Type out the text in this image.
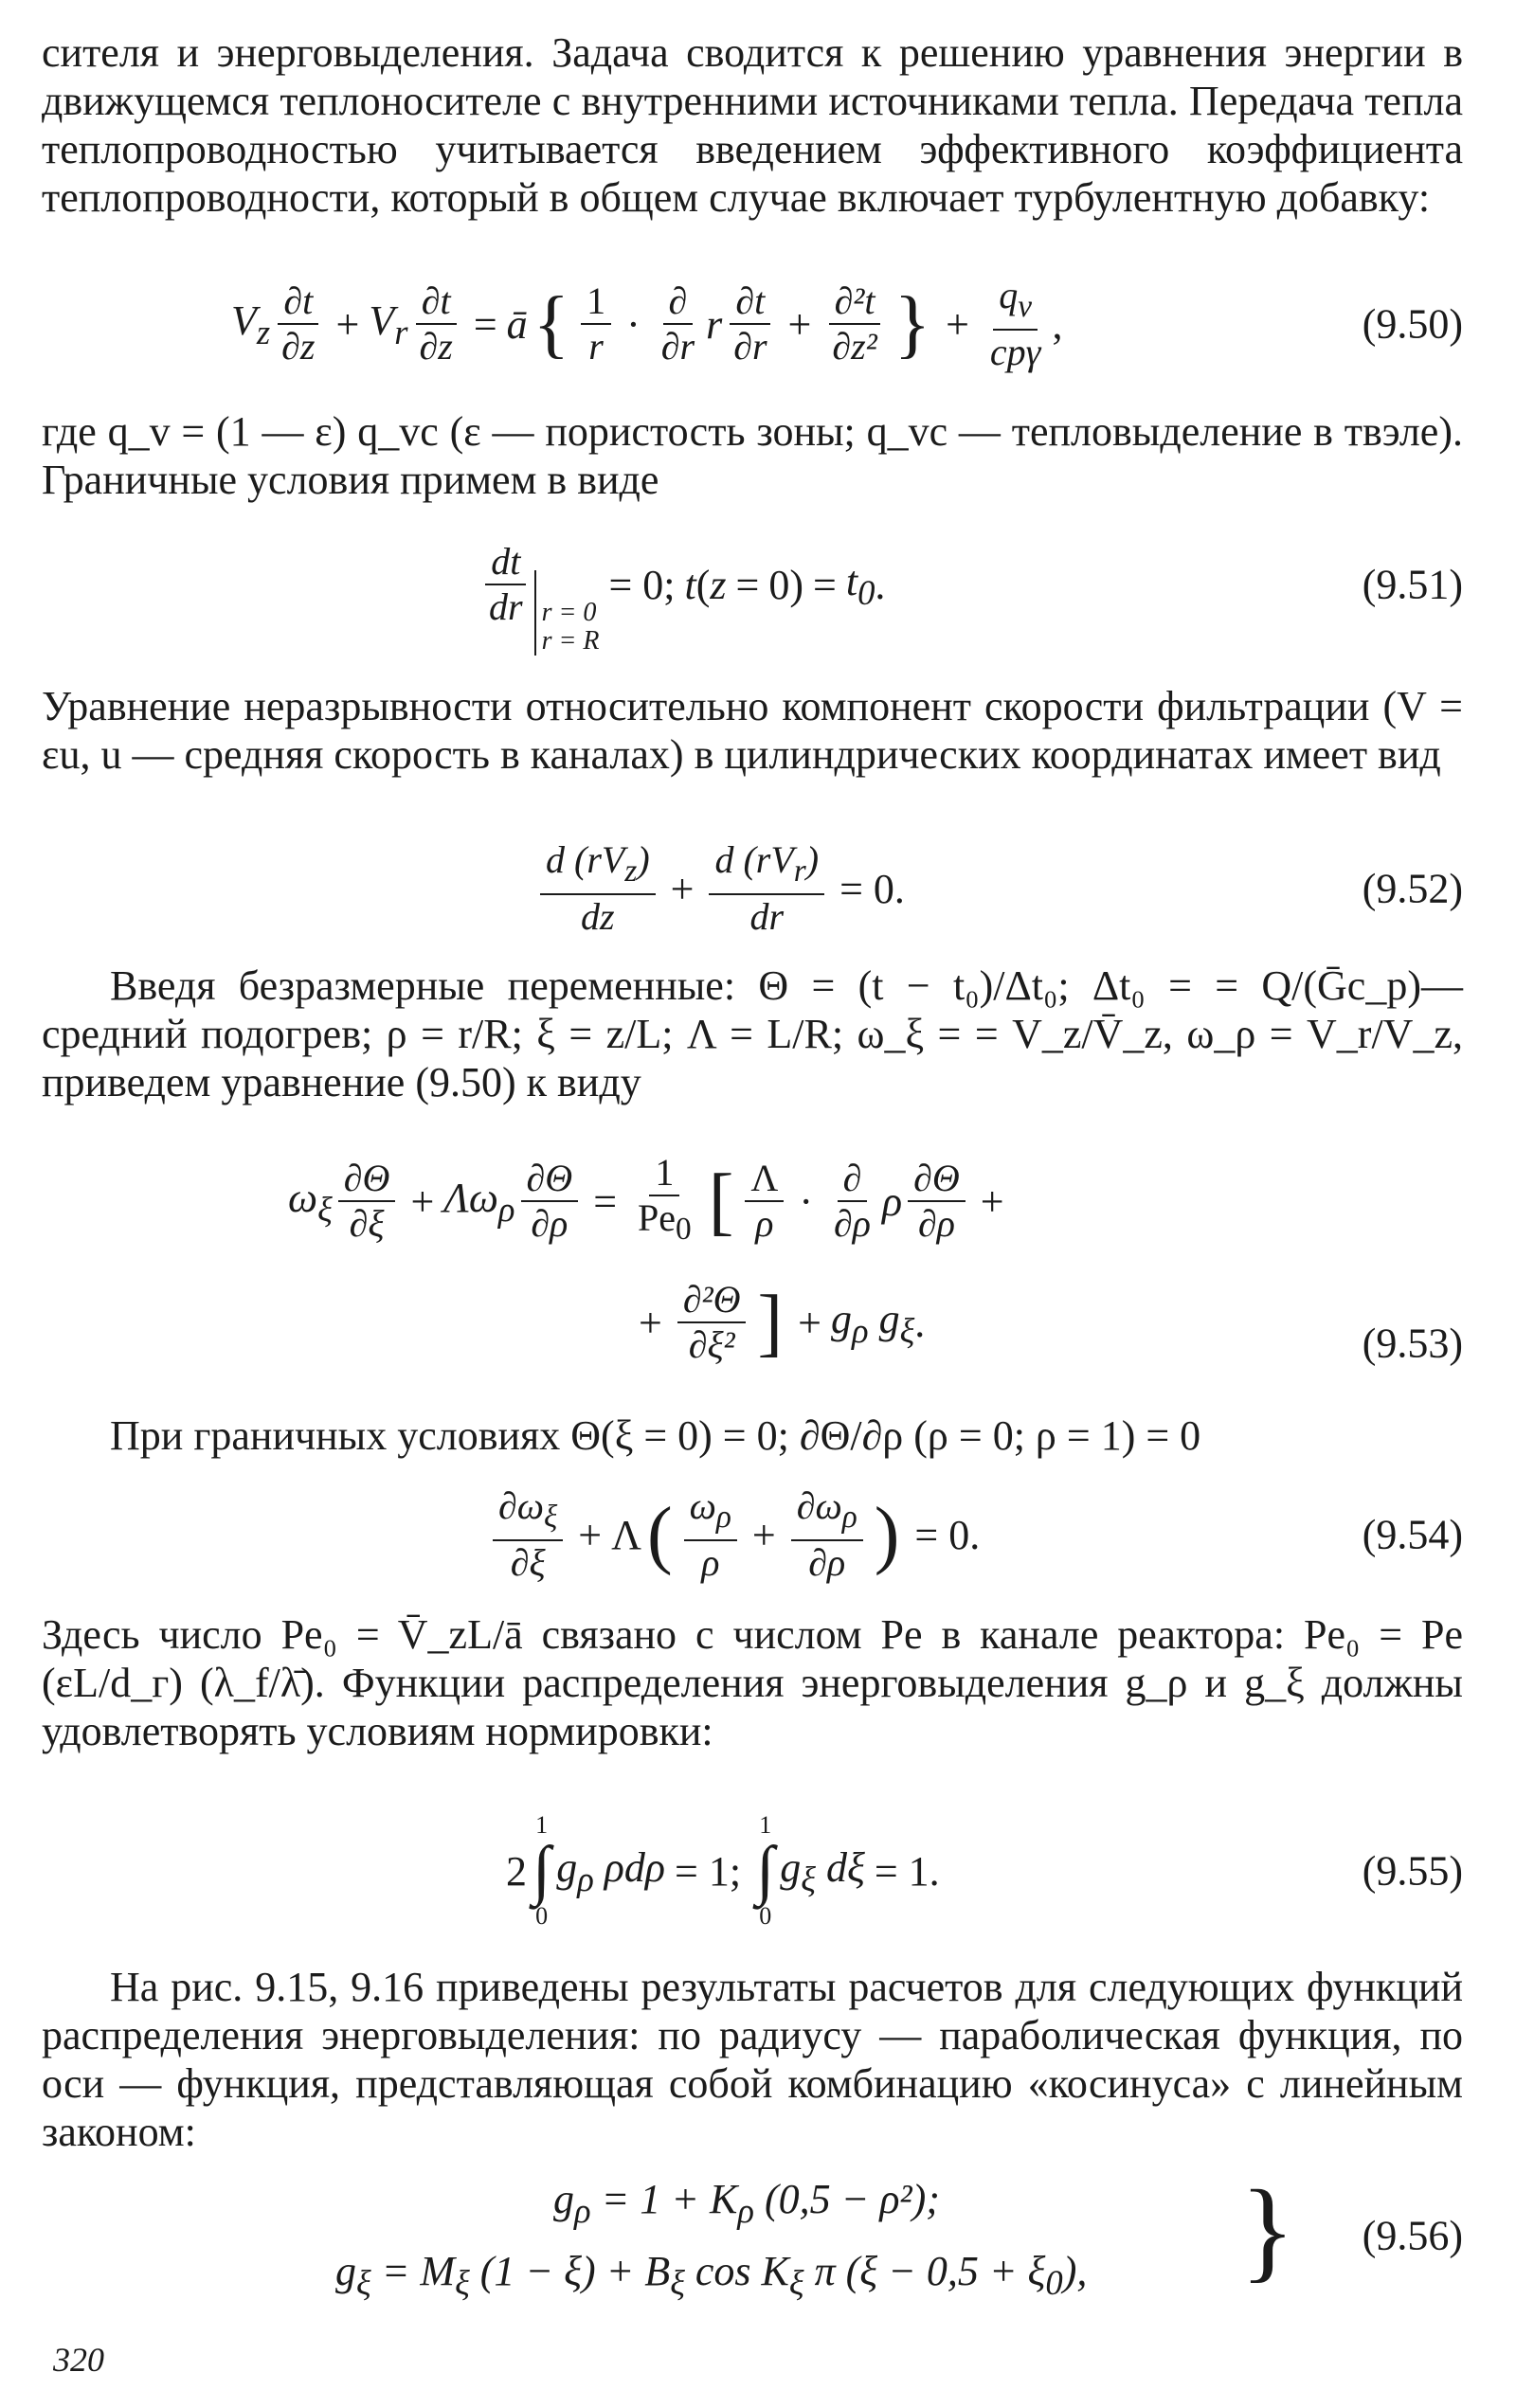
сителя и энерговыделения. Задача сводится к решению уравнения энергии в движущемся теплоносителе с внутренними источниками тепла. Передача тепла теплопроводностью учитывается введением эффективного коэффициента теплопроводности, который в общем случае включает турбулентную добавку:

$V_z \frac{\partial t}{\partial z} + V_r \frac{\partial t}{\partial z}$ = ā { $\frac{1}{r} \cdot \frac{\partial}{\partial r}$ r $\frac{\partial t}{\partial r} + \frac{\text{∂²t}}{\text{∂z²}}$ } + $\frac{q_v}{\text{cpγ}}$ ,	(9.50)

где q_v = (1 — ε) q_vc (ε — пористость зоны; q_vc — тепловыделение в твэле). Граничные условия примем в виде

$\frac{dt}{dr}$ r = 0
r = R
= 0; t ( $z = 0) = t_0$ .	(9.51)

Уравнение неразрывности относительно компонент скорости фильтрации (V = εu, u — средняя скорость в каналах) в цилиндрических координатах имеет вид

$\frac{d (rV_z)}{dz} + \frac{d (rV_r)}{dr} = 0$.	(9.52)

Введя безразмерные переменные: Θ = (t − t₀)/Δt₀; Δt₀ = = Q/(Ḡc_p)—средний подогрев; ρ = r/R; ξ = z/L; Λ = L/R; ω_ξ = = V_z/V̄_z, ω_ρ = V_r/V_z, приведем уравнение (9.50) к виду

$\omega_\xi \frac{\partial\Theta}{\partial\xi} + \Lambda\omega_\rho \frac{\partial\Theta}{\partial\rho} = \frac{1}{Pe_0}$ [ $\frac{\Lambda}{\rho} \cdot \frac{\partial}{\partial\rho}$ ρ $\frac{\partial\Theta}{\partial\rho}$ +
(9.53)
+ $\frac{\text{∂²Θ}}{\text{∂ξ²}}$ ] + $g_\rho$ $g_\xi$ .

При граничных условиях Θ(ξ = 0) = 0; ∂Θ/∂ρ (ρ = 0; ρ = 1) = 0

$\frac{\partial\omega_\xi}{\partial\xi} + \Lambda$ ( $\frac{\omega_\rho}{\rho} + \frac{\partial\omega_\rho}{\partial\rho}$ ) = 0.	(9.54)

Здесь число Pe₀ = V̄_zL/ā связано с числом Pe в канале реактора: Pe₀ = Pe (εL/d_г) (λ_f/λ̄). Функции распределения энерговыделения g_ρ и g_ξ должны удовлетворять условиям нормировки:

2
1
∫
0
$g_\rho$ ρdρ = 1;
1
∫
0
$g_\xi$ dξ = 1.	(9.55)

На рис. 9.15, 9.16 приведены результаты расчетов для следующих функций распределения энерговыделения: по радиусу — параболическая функция, по оси — функция, представляющая собой комбинацию «косинуса» с линейным законом:

$g_\rho = 1 + K_\rho$ (0,5 − ρ²);
$g_\xi = M_\xi$ $(1 - \xi) + B_\xi$ $\cos K_\xi$ π $(\xi - 0,5 + \xi_0)$, } (9.56)
320
